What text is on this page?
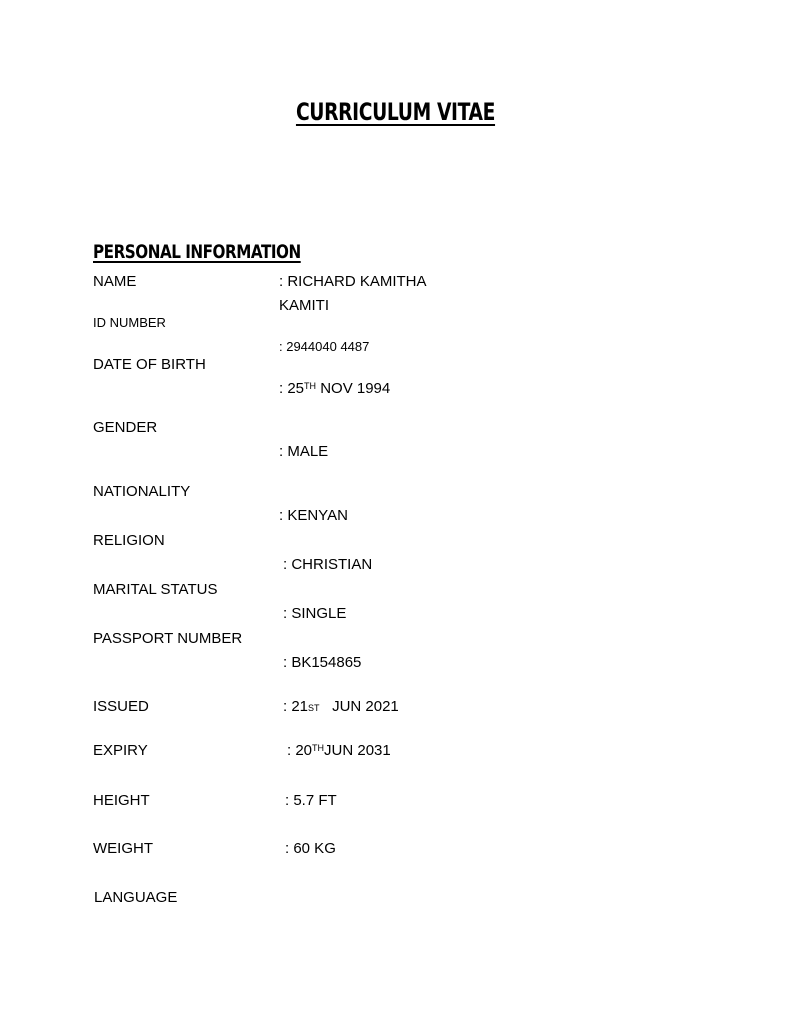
CURRICULUM VITAE
PERSONAL INFORMATION
NAME	: RICHARD KAMITHA
KAMITI
ID NUMBER
: 2944040 4487
DATE OF BIRTH
: 25TH NOV 1994
GENDER
: MALE
NATIONALITY
: KENYAN
RELIGION
: CHRISTIAN
MARITAL STATUS
: SINGLE
PASSPORT NUMBER
: BK154865
ISSUED	: 21ST JUN 2021
EXPIRY	: 20THJUN 2031
HEIGHT	: 5.7 FT
WEIGHT	: 60 KG
LANGUAGE
